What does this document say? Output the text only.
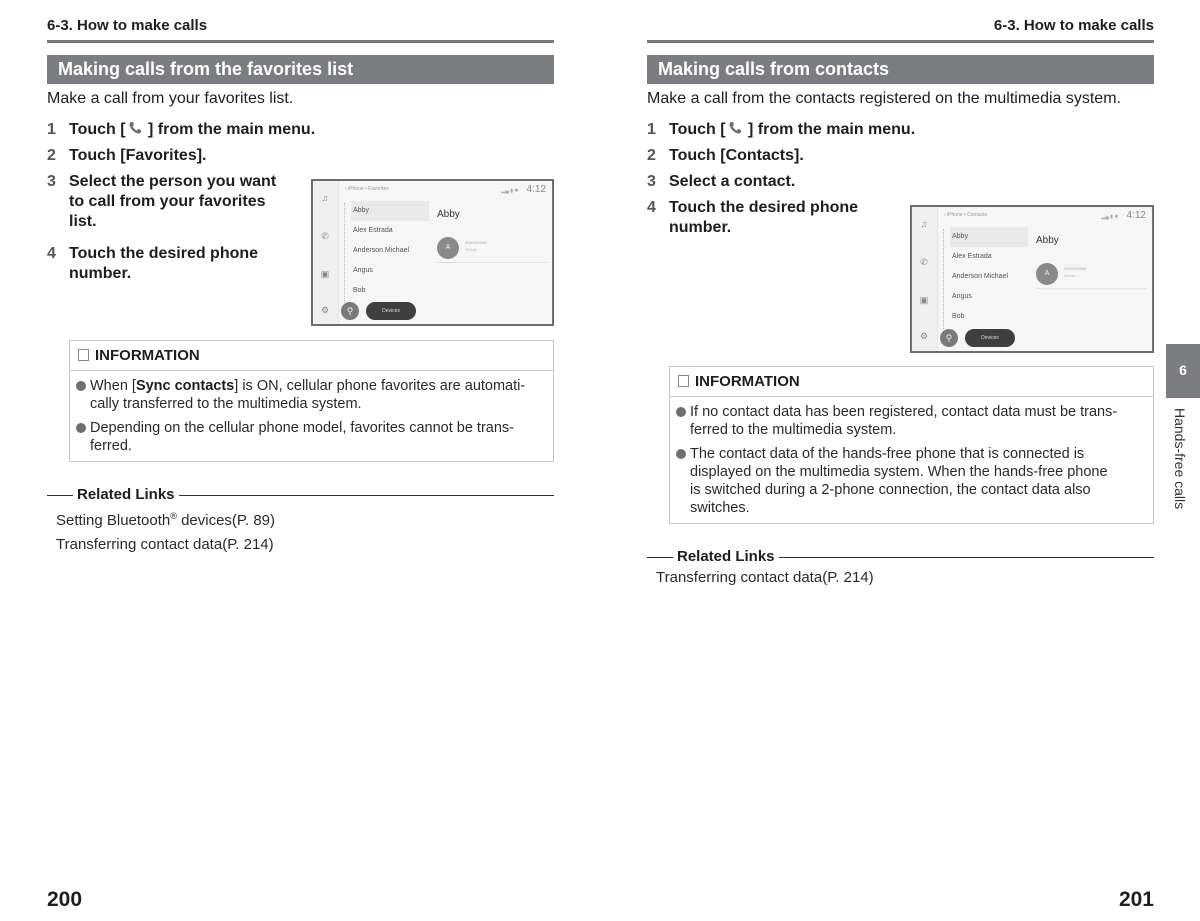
6-3. How to make calls
Making calls from the favorites list
Make a call from your favorites list.
1 Touch [ ] from the main menu.
2 Touch [Favorites].
3 Select the person you want
to call from your favorites
list.
4 Touch the desired phone
number.
♫
✆
▣
⚙
‹ iPhone • Favorites	▂▄ ▮ ✱ 4:12
Abby
Alex Estrada
Anderson Michael
Angus
Bob
Abby
A
0000000000
Mobile
⚲	Devices
INFORMATION
When [Sync contacts] is ON, cellular phone favorites are automati-
cally transferred to the multimedia system.
Depending on the cellular phone model, favorites cannot be trans-
ferred.
Related Links
Setting Bluetooth® devices(P. 89)
Transferring contact data(P. 214)
200
6-3. How to make calls
Making calls from contacts
Make a call from the contacts registered on the multimedia system.
1 Touch [ ] from the main menu.
2 Touch [Contacts].
3 Select a contact.
4 Touch the desired phone
number.	♫
✆
▣
⚙
‹ iPhone • Contacts	▂▄ ▮ ✱ 4:12
Abby
Alex Estrada
Anderson Michael
Angus
Bob
Abby
A
0000000000
Mobile
⚲	Devices
INFORMATION
If no contact data has been registered, contact data must be trans-
ferred to the multimedia system.
The contact data of the hands-free phone that is connected is
displayed on the multimedia system. When the hands-free phone
is switched during a 2-phone connection, the contact data also
switches.
Related Links
Transferring contact data(P. 214)
201
6
Hands-free calls
